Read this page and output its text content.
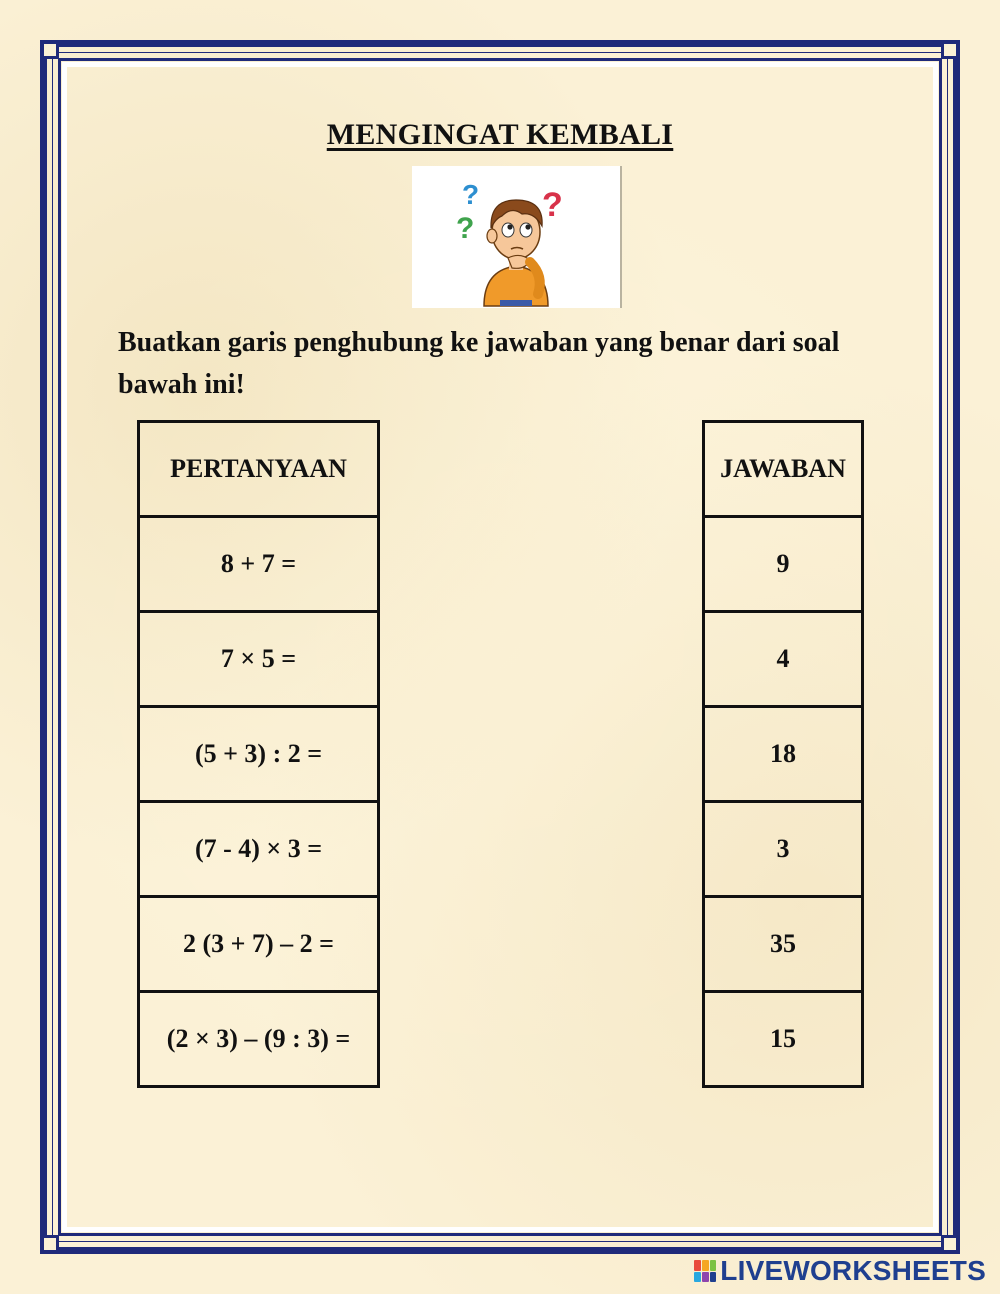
MENGINGAT KEMBALI
?
? ?
Buatkan garis penghubung ke jawaban yang benar dari soal bawah ini!
PERTANYAAN
8 + 7 =
7 × 5 =
(5 + 3) : 2 =
(7 - 4) × 3 =
2 (3 + 7) – 2 =
(2 × 3) – (9 : 3) =
JAWABAN
9
4
18
3
35
15
LIVEWORKSHEETS
